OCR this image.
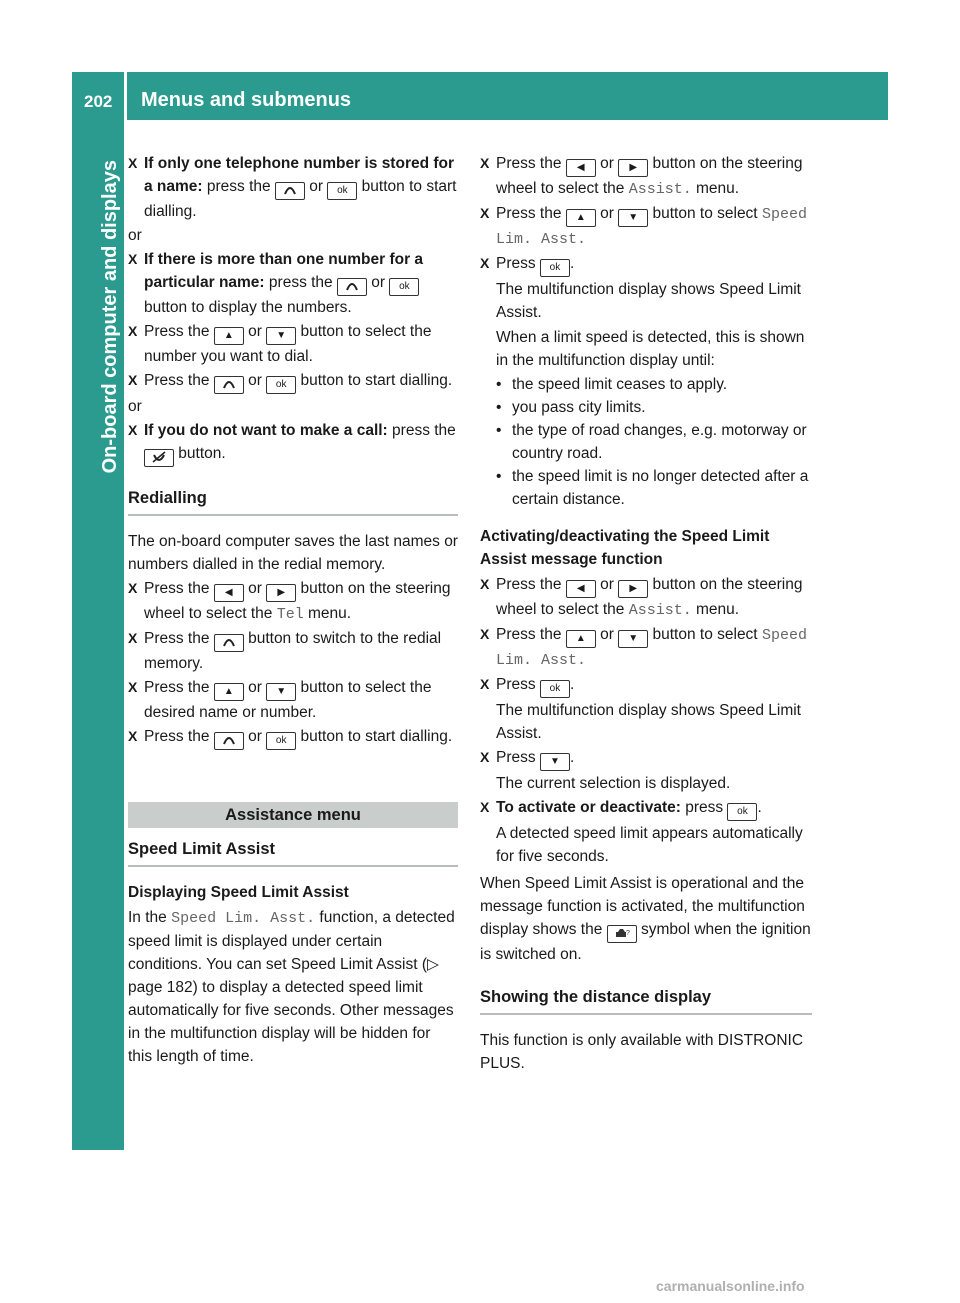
202 Menus and submenus
On-board computer and displays X If only one telephone number is stored for a name: press the  or ok button to start dialling.
or
X If there is more than one number for a particular name: press the  or ok button to display the numbers.
X Press the ▲ or ▼ button to select the number you want to dial.
X Press the  or ok button to start dialling.
or
X If you do not want to make a call: press the  button.
Redialling
The on-board computer saves the last names or numbers dialled in the redial memory.
X Press the ◀ or ▶ button on the steering wheel to select the Tel menu.
X Press the  button to switch to the redial memory.
X Press the ▲ or ▼ button to select the desired name or number.
X Press the  or ok button to start dialling.
Assistance menu
Speed Limit Assist
Displaying Speed Limit Assist
In the Speed Lim. Asst. function, a detected speed limit is displayed under certain conditions. You can set Speed Limit Assist (▷ page 182) to display a detected speed limit automatically for five seconds. Other messages in the multifunction display will be hidden for this length of time.
X Press the ◀ or ▶ button on the steering wheel to select the Assist. menu.
X Press the ▲ or ▼ button to select Speed Lim. Asst.
X Press ok .
The multifunction display shows Speed Limit Assist.
When a limit speed is detected, this is shown in the multifunction display until:
• the speed limit ceases to apply.
• you pass city limits.
• the type of road changes, e.g. motorway or country road.
• the speed limit is no longer detected after a certain distance.
Activating/deactivating the Speed Limit Assist message function
X Press the ◀ or ▶ button on the steering wheel to select the Assist. menu.
X Press the ▲ or ▼ button to select Speed Lim. Asst.
X Press ok .
The multifunction display shows Speed Limit Assist.
X Press ▼ .
The current selection is displayed.
X To activate or deactivate: press ok .
A detected speed limit appears automatically for five seconds.
When Speed Limit Assist is operational and the message function is activated, the multifunction display shows the	? symbol when the ignition is switched on.
Showing the distance display
This function is only available with DISTRONIC PLUS.
carmanualsonline.info
